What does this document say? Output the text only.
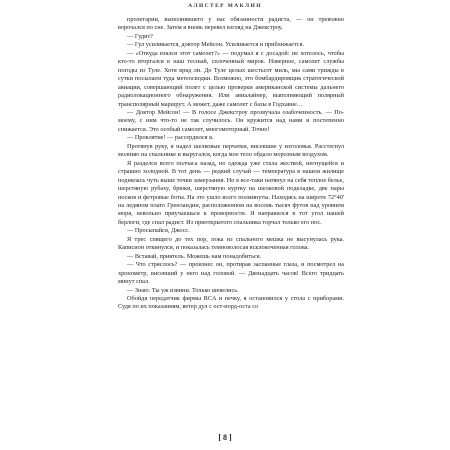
АЛИСТЕР МАКЛИН

пролетарии, выполнявшего у нас обязанности радиста, — он тревожно ворочался по сне. Затем я вновь перевел взгляд на Джекстроу.

— Гудит?

— Гул усиливается, доктор Мейсон. Усиливается и приближается.

— «Откуда взялся этот самолет?» — подумал я с досадой: не хотелось, чтобы кто-то вторгался в наш тесный, сплоченный мирок. Наверное, самолет службы погоды из Туле. Хотя вряд ли. До Туле целых шестьсот миль, мы сами трижды в сутки посылаем туда метеосводки. Возможно, это бомбардировщик стратегической авиации, совершающий полет с целью проверки американской системы дальнего радиолокационного обнаружения. Или авиалайнер, выполняющий полярный трансполярный маршрут. А может, даже самолет с базы в Годхавне…

— Доктор Мейсон! — В голосе Джекстроу прозвучала озабоченность. — По-моему, с ним что-то не так случилось. Он кружится над нами и постепенно снижается. Это особый самолет, многомоторный. Точно!

— Проклятие! — расcердился я.

Протянув руку, я надел шелковые перчатки, висевшие у изголовья. Расстегнул молнию на спальнике и выругался, когда мое тело обдало морозным воздухом.

Я разделся всего полчаса назад, но одежда уже стала жесткой, негнущейся и страшно холодной. В тот день — редкий случай — температура в нашем жилище поднялась чуть выше точки замерзания. Но я все-таки натянул на себя теплое белье, шерстяную рубаху, брюки, шерстяную куртку на шелковой подкладке, две пары носков и фетровые боты. На это ушло всего полминуты. Находясь на широте 72°40' на ледяном плато Гренландии, расположенном на восемь тысяч футов над уровнем моря, невольно приучаешься к проворности. Я направился в тот угол нашей берлоги, где спал радист. Из приоткрытого спальника торчал только его нос.

— Просыпайся, Джосс.

Я трес спящего до тех пор, пока из спального мешка не высунулась рука. Каписион откинулся, и показалась темноволосая всклокоченная голова.

— Вставай, приятель. Можешь нам понадобиться.

— Что стряслось? — произнес он, протирая заспанные глаза, и посмотрел на хронометр, висевший у него над головой. — Двенадцать часов! Всего тридцать минут спал.

— Знаю. Ты уж извини. Только шевелись.

Обойдя передатчик фирмы RCA и печку, я остановился у стола с приборами. Судя по их показаниям, ветер дул с ост-норд-оста со

[ 8 ]
